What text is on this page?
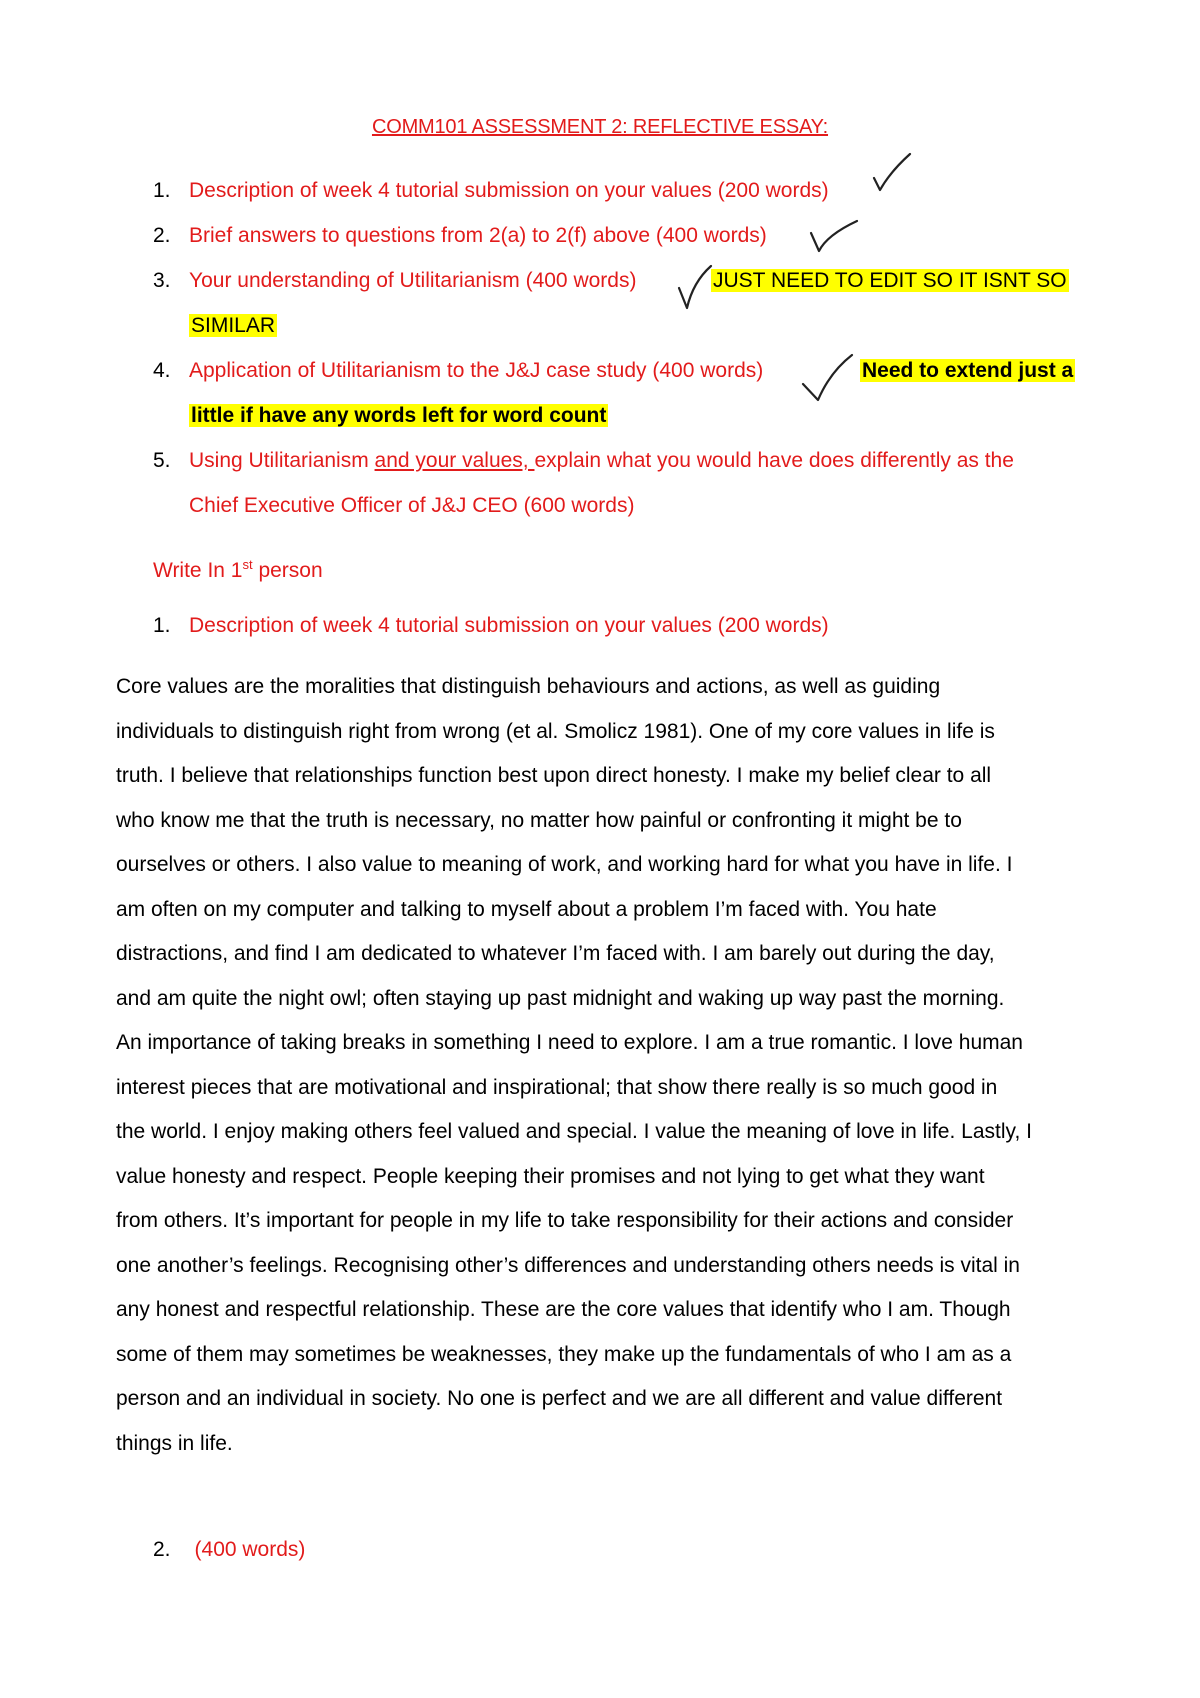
COMM101 ASSESSMENT 2: REFLECTIVE ESSAY:
1. Description of week 4 tutorial submission on your values (200 words)
2. Brief answers to questions from 2(a) to 2(f) above (400 words)
3. Your understanding of Utilitarianism (400 words)	JUST NEED TO EDIT SO IT ISNT SO
SIMILAR
4. Application of Utilitarianism to the J&J case study (400 words)	Need to extend just a
little if have any words left for word count
5. Using Utilitarianism and your values, explain what you would have does differently as the
Chief Executive Officer of J&J CEO (600 words)
Write In 1st person
1. Description of week 4 tutorial submission on your values (200 words)
Core values are the moralities that distinguish behaviours and actions, as well as guiding
individuals to distinguish right from wrong (et al. Smolicz 1981). One of my core values in life is
truth. I believe that relationships function best upon direct honesty. I make my belief clear to all
who know me that the truth is necessary, no matter how painful or confronting it might be to
ourselves or others. I also value to meaning of work, and working hard for what you have in life. I
am often on my computer and talking to myself about a problem I’m faced with. You hate
distractions, and find I am dedicated to whatever I’m faced with. I am barely out during the day,
and am quite the night owl; often staying up past midnight and waking up way past the morning.
An importance of taking breaks in something I need to explore. I am a true romantic. I love human
interest pieces that are motivational and inspirational; that show there really is so much good in
the world. I enjoy making others feel valued and special. I value the meaning of love in life. Lastly, I
value honesty and respect. People keeping their promises and not lying to get what they want
from others. It’s important for people in my life to take responsibility for their actions and consider
one another’s feelings. Recognising other’s differences and understanding others needs is vital in
any honest and respectful relationship. These are the core values that identify who I am. Though
some of them may sometimes be weaknesses, they make up the fundamentals of who I am as a
person and an individual in society. No one is perfect and we are all different and value different
things in life.
2. (400 words)
